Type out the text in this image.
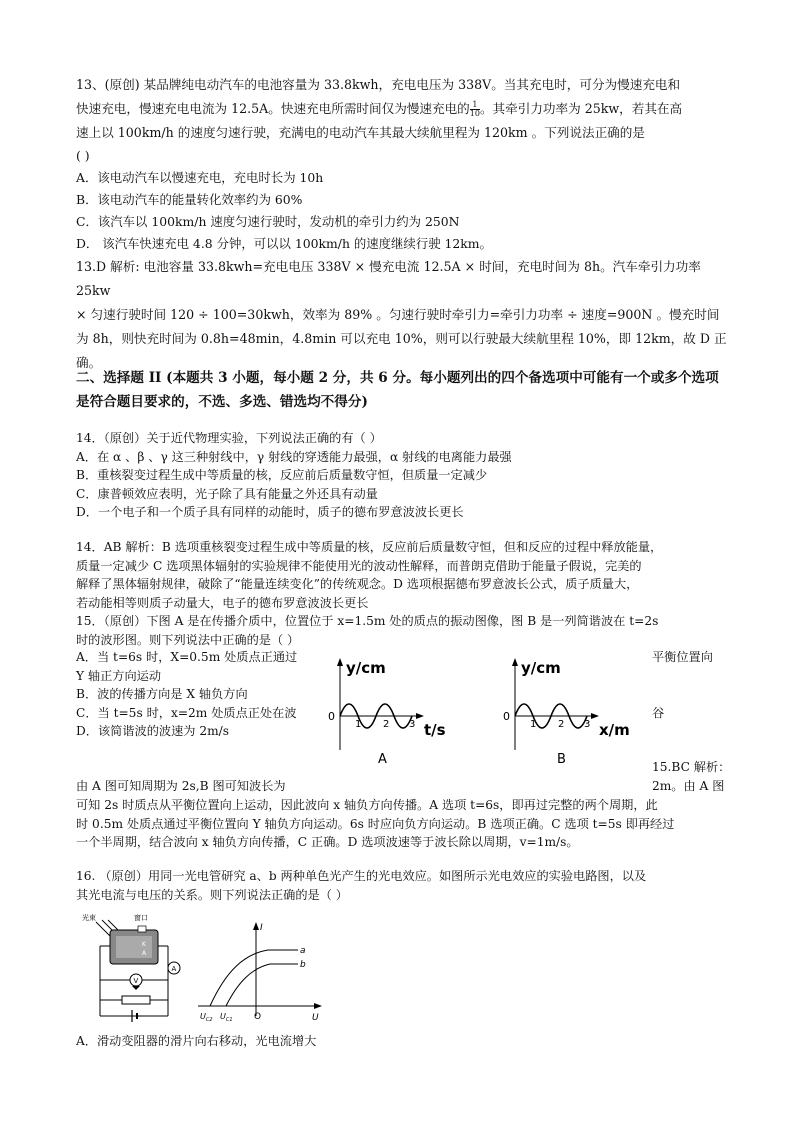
13、(原创) 某品牌纯电动汽车的电池容量为 33.8kwh，充电电压为 338V。当其充电时，可分为慢速充电和
快速充电，慢速充电电流为 12.5A。快速充电所需时间仅为慢速充电的 $\frac{1}{10}$ 。其牵引力功率为 25kw，若其在高
速上以 100km/h 的速度匀速行驶，充满电的电动汽车其最大续航里程为 120km 。下列说法正确的是
( )
A．该电动汽车以慢速充电，充电时长为 10h
B．该电动汽车的能量转化效率约为 60%
C．该汽车以 100km/h 速度匀速行驶时，发动机的牵引力约为 250N
D． 该汽车快速充电 4.8 分钟，可以以 100km/h 的速度继续行驶 12km。
13.D 解析: 电池容量 33.8kwh=充电电压 338V × 慢充电流 12.5A × 时间，充电时间为 8h。汽车牵引力功率 25kw
× 匀速行驶时间 120 ÷ 100=30kwh，效率为 89% 。匀速行驶时牵引力=牵引力功率 ÷ 速度=900N 。慢充时间
为 8h，则快充时间为 0.8h=48min，4.8min 可以充电 10%，则可以行驶最大续航里程 10%，即 12km，故 D 正
确。
二、选择题 II (本题共 3 小题，每小题 2 分，共 6 分。每小题列出的四个备选项中可能有一个或多个选项
是符合题目要求的，不选、多选、错选均不得分)
14．（原创）关于近代物理实验，下列说法正确的有（ ）
A．在 α 、β 、γ 这三种射线中，γ 射线的穿透能力最强，α 射线的电离能力最强
B．重核裂变过程生成中等质量的核，反应前后质量数守恒，但质量一定减少
C．康普顿效应表明，光子除了具有能量之外还具有动量
D．一个电子和一个质子具有同样的动能时，质子的德布罗意波波长更长
14．AB 解析：B 选项重核裂变过程生成中等质量的核，反应前后质量数守恒，但和反应的过程中释放能量，
质量一定减少 C 选项黑体辐射的实验规律不能使用光的波动性解释，而普朗克借助于能量子假说，完美的
解释了黑体辐射规律，破除了“能量连续变化”的传统观念。D 选项根据德布罗意波长公式，质子质量大，
若动能相等则质子动量大，电子的德布罗意波波长更长
15．（原创）下图 A 是在传播介质中，位置位于 x=1.5m 处的质点的振动图像，图 B 是一列简谐波在 t=2s
时的波形图。则下列说法中正确的是（ ）
A．当 t=6s 时，X=0.5m 处质点正通过	平衡位置向
Y 轴正方向运动
B．波的传播方向是 X 轴负方向
C．当 t=5s 时，x=2m 处质点正处在波	谷
D．该简谐波的波速为 2m/s
y/cm
t/s
0
1 2 3
A
y/cm
x/m
0
1 2 3
B	15.BC 解析：
由 A 图可知周期为 2s,B 图可知波长为	2m。由 A 图
可知 2s 时质点从平衡位置向上运动，因此波向 x 轴负方向传播。A 选项 t=6s，即再过完整的两个周期，此
时 0.5m 处质点通过平衡位置向 Y 轴负方向运动。6s 时应向负方向运动。B 选项正确。C 选项 t=5s 即再经过
一个半周期，结合波向 x 轴负方向传播，C 正确。D 选项波速等于波长除以周期，v=1m/s。
16. （原创）用同一光电管研究 a、b 两种单色光产生的光电效应。如图所示光电效应的实验电路图，以及
其光电流与电压的关系。则下列说法正确的是（ ）
光束	窗口
K
A
A
V
I
U
O
a
b
$U_{C2}$ $U_{C1}$
A．滑动变阻器的滑片向右移动，光电流增大
